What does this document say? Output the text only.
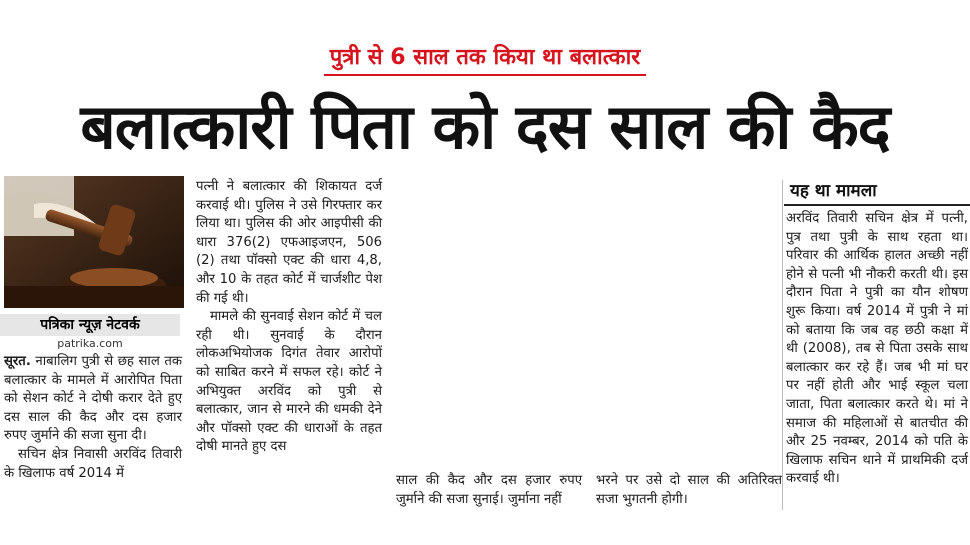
पुत्री से 6 साल तक किया था बलात्कार
बलात्कारी पिता को दस साल की कैद
पत्रिका न्यूज़ नेटवर्क
patrika.com

सूरत. नाबालिग पुत्री से छह साल तक बलात्कार के मामले में आरोपित पिता को सेशन कोर्ट ने दोषी करार देते हुए दस साल की कैद और दस हजार रुपए जुर्माने की सजा सुना दी।

सचिन क्षेत्र निवासी अरविंद तिवारी के खिलाफ वर्ष 2014 में

पत्नी ने बलात्कार की शिकायत दर्ज करवाई थी। पुलिस ने उसे गिरफ्तार कर लिया था। पुलिस की ओर आइपीसी की धारा 376(2) एफआइजएन, 506 (2) तथा पॉक्सो एक्ट की धारा 4,8, और 10 के तहत कोर्ट में चार्जशीट पेश की गई थी।

मामले की सुनवाई सेशन कोर्ट में चल रही थी। सुनवाई के दौरान लोकअभियोजक दिगंत तेवार आरोपों को साबित करने में सफल रहे। कोर्ट ने अभियुक्त अरविंद को पुत्री से बलात्कार, जान से मारने की धमकी देने और पॉक्सो एक्ट की धाराओं के तहत दोषी मानते हुए दस

साल की कैद और दस हजार रुपए जुर्माने की सजा सुनाई। जुर्माना नहीं

भरने पर उसे दो साल की अतिरिक्त सजा भुगतनी होगी।

यह था मामला
अरविंद तिवारी सचिन क्षेत्र में पत्नी, पुत्र तथा पुत्री के साथ रहता था। परिवार की आर्थिक हालत अच्छी नहीं होने से पत्नी भी नौकरी करती थी। इस दौरान पिता ने पुत्री का यौन शोषण शुरू किया। वर्ष 2014 में पुत्री ने मां को बताया कि जब वह छठी कक्षा में थी (2008), तब से पिता उसके साथ बलात्कार कर रहे हैं। जब भी मां घर पर नहीं होती और भाई स्कूल चला जाता, पिता बलात्कार करते थे। मां ने समाज की महिलाओं से बातचीत की और 25 नवम्बर, 2014 को पति के खिलाफ सचिन थाने में प्राथमिकी दर्ज करवाई थी।
